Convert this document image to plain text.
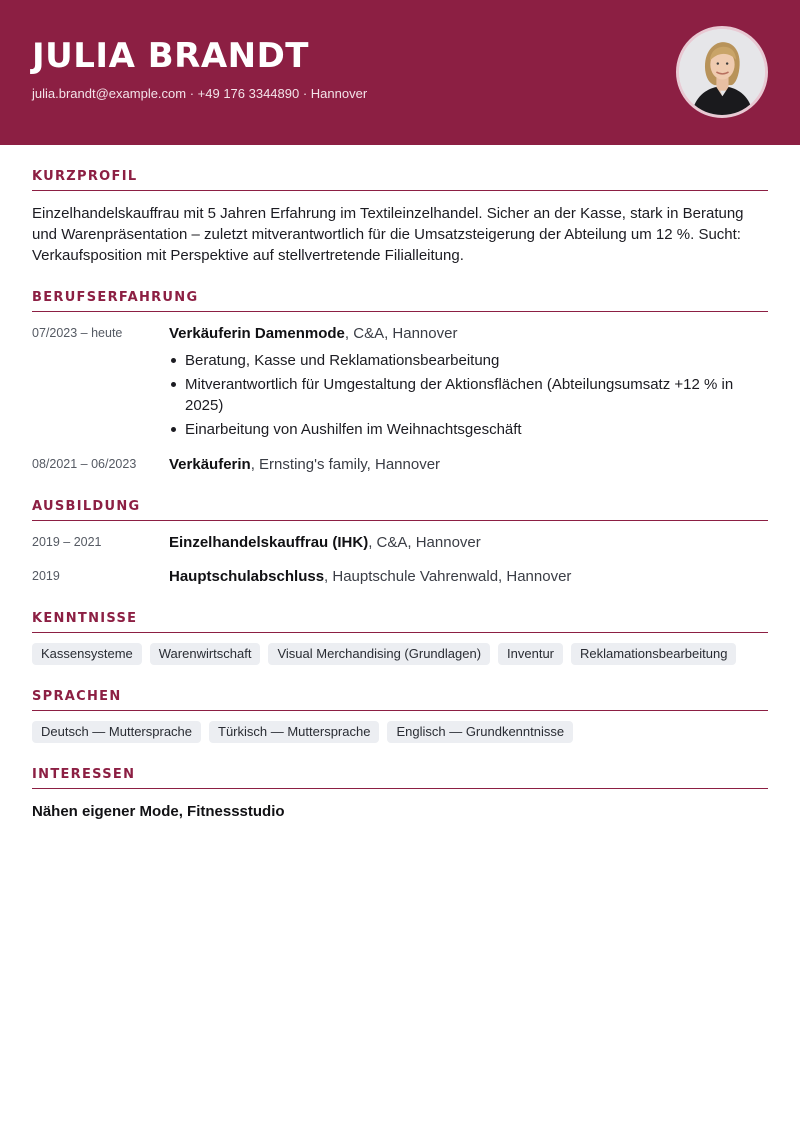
JULIA BRANDT
julia.brandt@example.com · +49 176 3344890 · Hannover
KURZPROFIL

Einzelhandelskauffrau mit 5 Jahren Erfahrung im Textileinzelhandel. Sicher an der Kasse, stark in Beratung und Warenpräsentation – zuletzt mitverantwortlich für die Umsatzsteigerung der Abteilung um 12 %. Sucht: Verkaufsposition mit Perspektive auf stellvertretende Filialleitung.

BERUFSERFAHRUNG
07/2023 – heute	Verkäuferin Damenmode, C&A, Hannover
Beratung, Kasse und Reklamationsbearbeitung
Mitverantwortlich für Umgestaltung der Aktionsflächen (Abteilungsumsatz +12 % in 2025)
Einarbeitung von Aushilfen im Weihnachtsgeschäft
08/2021 – 06/2023	Verkäuferin, Ernsting's family, Hannover
AUSBILDUNG
2019 – 2021	Einzelhandelskauffrau (IHK), C&A, Hannover
2019	Hauptschulabschluss, Hauptschule Vahrenwald, Hannover
KENNTNISSE
Kassensysteme	Warenwirtschaft	Visual Merchandising (Grundlagen)	Inventur	Reklamationsbearbeitung
SPRACHEN
Deutsch — Muttersprache	Türkisch — Muttersprache	Englisch — Grundkenntnisse
INTERESSEN
Nähen eigener Mode, Fitnessstudio
